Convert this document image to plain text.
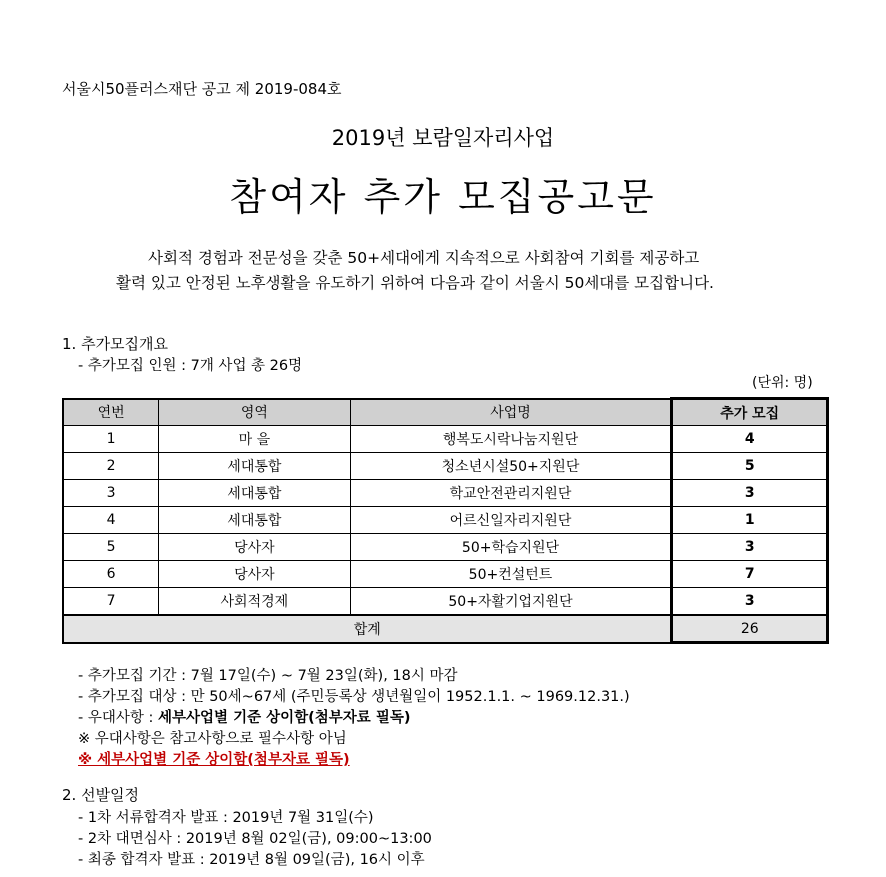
서울시50플러스재단 공고 제 2019-084호
2019년 보람일자리사업
참여자 추가 모집공고문
사회적 경험과 전문성을 갖춘 50+세대에게 지속적으로 사회참여 기회를 제공하고
활력 있고 안정된 노후생활을 유도하기 위하여 다음과 같이 서울시 50세대를 모집합니다.
1. 추가모집개요
- 추가모집 인원 : 7개 사업 총 26명
(단위: 명)
연번	영역	사업명	추가 모집
1	마 을	행복도시락나눔지원단	4
2	세대통합	청소년시설50+지원단	5
3	세대통합	학교안전관리지원단	3
4	세대통합	어르신일자리지원단	1
5	당사자	50+학습지원단	3
6	당사자	50+컨설턴트	7
7	사회적경제	50+자활기업지원단	3
합계			26
- 추가모집 기간 : 7월 17일(수) ~ 7월 23일(화), 18시 마감
- 추가모집 대상 : 만 50세~67세 (주민등록상 생년월일이 1952.1.1. ~ 1969.12.31.)
- 우대사항 : 세부사업별 기준 상이함(첨부자료 필독)
※ 우대사항은 참고사항으로 필수사항 아님
※ 세부사업별 기준 상이함(첨부자료 필독)
2. 선발일정
- 1차 서류합격자 발표 : 2019년 7월 31일(수)
- 2차 대면심사 : 2019년 8월 02일(금), 09:00~13:00
- 최종 합격자 발표 : 2019년 8월 09일(금), 16시 이후
